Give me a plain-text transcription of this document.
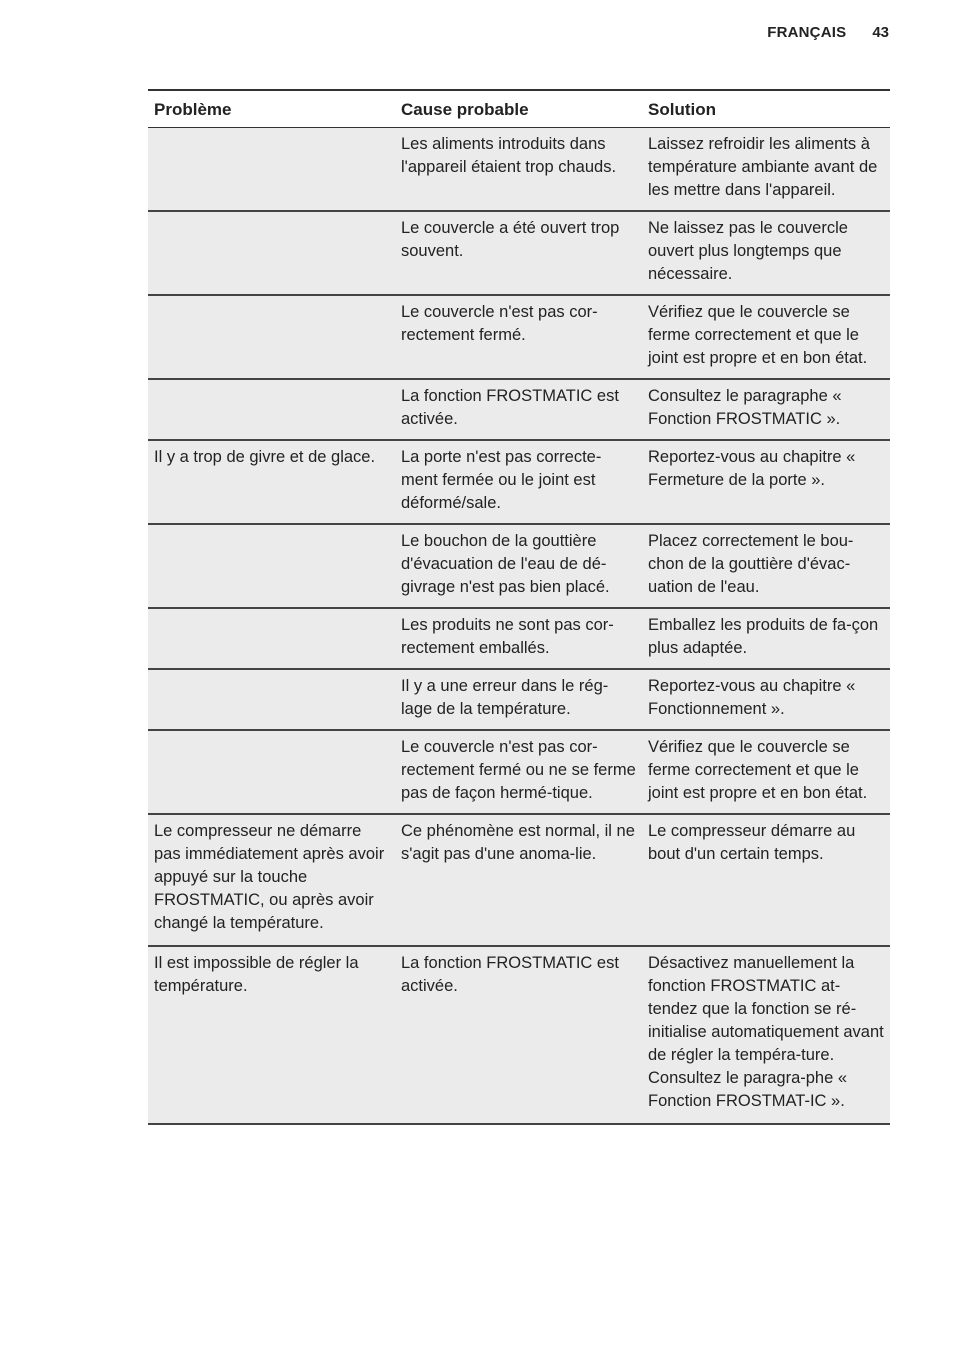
FRANÇAIS 43
Problème	Cause probable	Solution
	Les aliments introduits dans l'appareil étaient trop chauds.	Laissez refroidir les aliments à température ambiante avant de les mettre dans l'appareil.
	Le couvercle a été ouvert trop souvent.	Ne laissez pas le couvercle ouvert plus longtemps que nécessaire.
	Le couvercle n'est pas cor-rectement fermé.	Vérifiez que le couvercle se ferme correctement et que le joint est propre et en bon état.
	La fonction FROSTMATIC est activée.	Consultez le paragraphe « Fonction FROSTMATIC ».
Il y a trop de givre et de glace.	La porte n'est pas correcte-ment fermée ou le joint est déformé/sale.	Reportez-vous au chapitre « Fermeture de la porte ».
	Le bouchon de la gouttière d'évacuation de l'eau de dé-givrage n'est pas bien placé.	Placez correctement le bou-chon de la gouttière d'évac-uation de l'eau.
	Les produits ne sont pas cor-rectement emballés.	Emballez les produits de fa-çon plus adaptée.
	Il y a une erreur dans le rég-lage de la température.	Reportez-vous au chapitre « Fonctionnement ».
	Le couvercle n'est pas cor-rectement fermé ou ne se ferme pas de façon hermé-tique.	Vérifiez que le couvercle se ferme correctement et que le joint est propre et en bon état.
Le compresseur ne démarre pas immédiatement après avoir appuyé sur la touche FROSTMATIC, ou après avoir changé la température.	Ce phénomène est normal, il ne s'agit pas d'une anoma-lie.	Le compresseur démarre au bout d'un certain temps.
Il est impossible de régler la température.	La fonction FROSTMATIC est activée.	Désactivez manuellement la fonction FROSTMATIC at-tendez que la fonction se ré-initialise automatiquement avant de régler la tempéra-ture. Consultez le paragra-phe « Fonction FROSTMAT-IC ».
